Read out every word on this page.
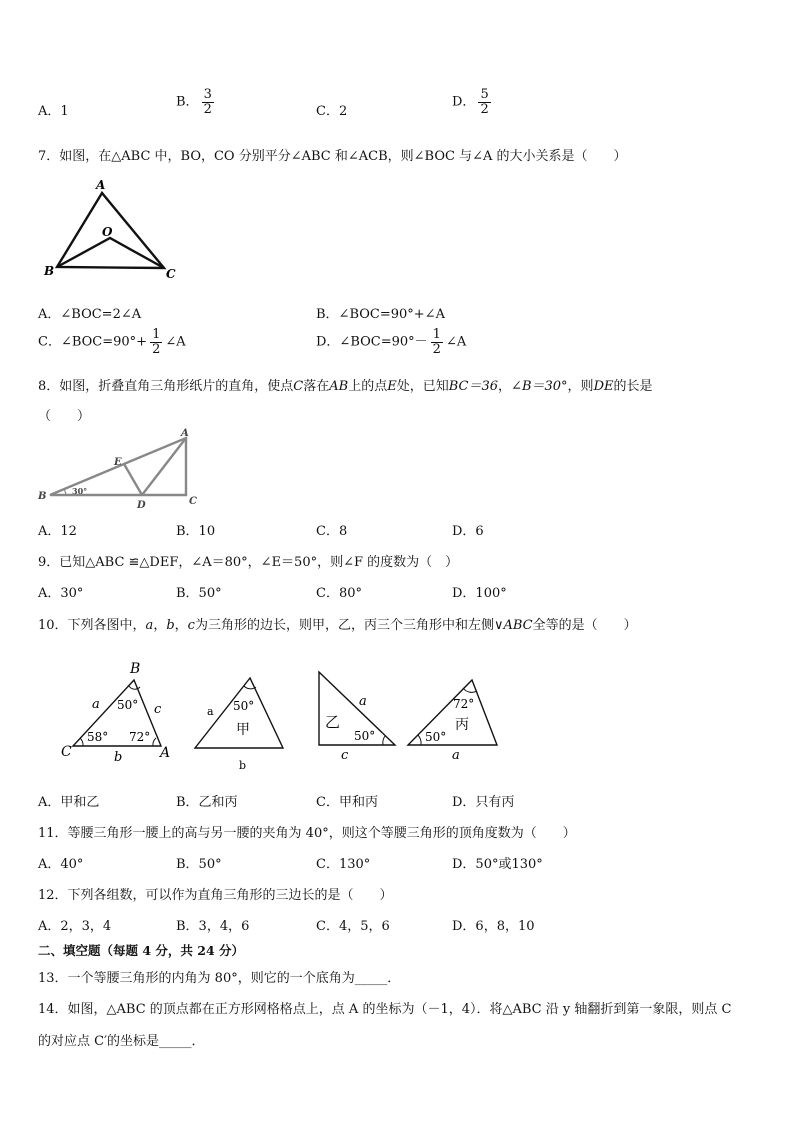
A．1
B． $\frac{3}{2}$	C．2
D． $\frac{5}{2}$
7．如图，在△ABC 中，BO，CO 分别平分∠ABC 和∠ACB，则∠BOC 与∠A 的大小关系是（　　）
A
O
B	C
A．∠BOC=2∠A	B．∠BOC=90°+∠A
C．∠BOC=90°+ $\frac{1}{2}$ ∠A	D．∠BOC=90°－ $\frac{1}{2}$ ∠A
8．如图，折叠直角三角形纸片的直角，使点C落在AB上的点E处，已知BC＝36，∠B＝30°，则DE的长是
（　　）
A
E
B	30°
D	C
A．12	B．10	C．8	D．6
9．已知△ABC ≌△DEF，∠A＝80°，∠E＝50°，则∠F 的度数为（　）
A．30°	B．50°	C．80°	D．100°
10．下列各图中，a，b，c为三角形的边长，则甲，乙，丙三个三角形中和左侧∨ABC全等的是（　　）
B
a	c
50°
C
58° 72°
A
b
a 50°
甲
b
a
乙
50°
c
72°
丙
50°
a
A．甲和乙	B．乙和丙	C．甲和丙	D．只有丙
11．等腰三角形一腰上的高与另一腰的夹角为 40°，则这个等腰三角形的顶角度数为（　　）
A．40°	B．50°	C．130°	D．50°或130°
12．下列各组数，可以作为直角三角形的三边长的是（　　）
A．2，3，4	B．3，4，6	C．4，5，6	D．6，8，10
二、填空题（每题 4 分，共 24 分）
13．一个等腰三角形的内角为 80°，则它的一个底角为_____．
14．如图，△ABC 的顶点都在正方形网格格点上，点 A 的坐标为（－1，4）．将△ABC 沿 y 轴翻折到第一象限，则点 C
的对应点 C′的坐标是_____．
